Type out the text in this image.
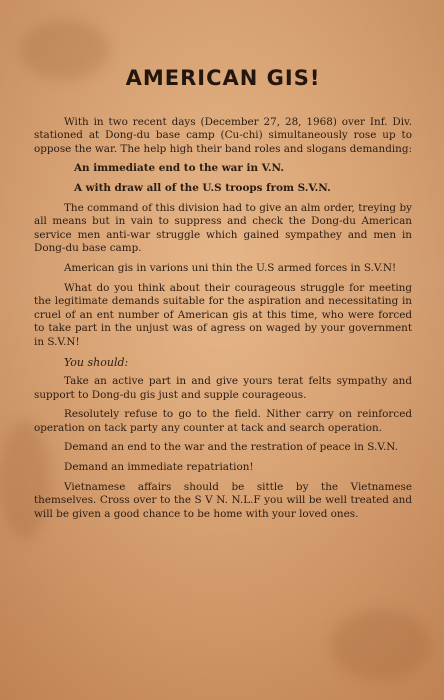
AMERICAN GIS!

With in two recent days (December 27, 28, 1968) over Inf. Div. stationed at Dong-du base camp (Cu-chi) simultaneously rose up to oppose the war. The help high their band roles and slogans demanding:

An immediate end to the war in V.N.

A with draw all of the U.S troops from S.V.N.

The command of this division had to give an alm order, treying by all means but in vain to suppress and check the Dong-du American service men anti-war struggle which gained sympathey and men in Dong-du base camp.

American gis in varions uni thin the U.S armed forces in S.V.N!

What do you think about their courageous struggle for meeting the legitimate demands suitable for the aspiration and necessitating in cruel of an ent number of American gis at this time, who were forced to take part in the unjust was of agress on waged by your government in S.V.N!

You should:

Take an active part in and give yours terat felts sympathy and support to Dong-du gis just and supple courageous.

Resolutely refuse to go to the field. Nither carry on reinforced operation on tack party any counter at tack and search operation.

Demand an end to the war and the restration of peace in S.V.N.

Demand an immediate repatriation!

Vietnamese affairs should be sittle by the Vietnamese themselves. Cross over to the S V N. N.L.F you will be well treated and will be given a good chance to be home with your loved ones.
